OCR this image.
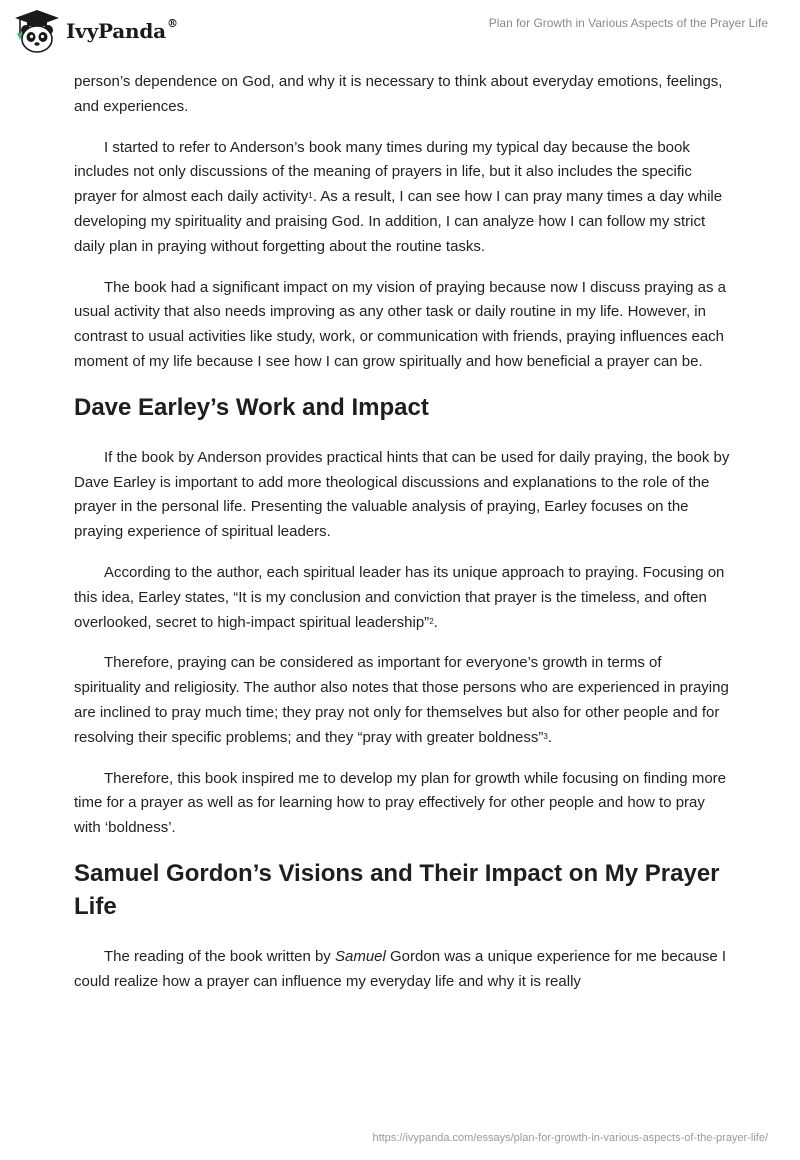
IvyPanda®	Plan for Growth in Various Aspects of the Prayer Life

person’s dependence on God, and why it is necessary to think about everyday emotions, feelings, and experiences.

I started to refer to Anderson’s book many times during my typical day because the book includes not only discussions of the meaning of prayers in life, but it also includes the specific prayer for almost each daily activity$^1$. As a result, I can see how I can pray many times a day while developing my spirituality and praising God. In addition, I can analyze how I can follow my strict daily plan in praying without forgetting about the routine tasks.

The book had a significant impact on my vision of praying because now I discuss praying as a usual activity that also needs improving as any other task or daily routine in my life. However, in contrast to usual activities like study, work, or communication with friends, praying influences each moment of my life because I see how I can grow spiritually and how beneficial a prayer can be.

Dave Earley’s Work and Impact

If the book by Anderson provides practical hints that can be used for daily praying, the book by Dave Earley is important to add more theological discussions and explanations to the role of the prayer in the personal life. Presenting the valuable analysis of praying, Earley focuses on the praying experience of spiritual leaders.

According to the author, each spiritual leader has its unique approach to praying. Focusing on this idea, Earley states, “It is my conclusion and conviction that prayer is the timeless, and often overlooked, secret to high-impact spiritual leadership”$^2$.

Therefore, praying can be considered as important for everyone’s growth in terms of spirituality and religiosity. The author also notes that those persons who are experienced in praying are inclined to pray much time; they pray not only for themselves but also for other people and for resolving their specific problems; and they “pray with greater boldness”$^3$.

Therefore, this book inspired me to develop my plan for growth while focusing on finding more time for a prayer as well as for learning how to pray effectively for other people and how to pray with ‘boldness’.

Samuel Gordon’s Visions and Their Impact on My Prayer Life

The reading of the book written by Samuel Gordon was a unique experience for me because I could realize how a prayer can influence my everyday life and why it is really

https://ivypanda.com/essays/plan-for-growth-in-various-aspects-of-the-prayer-life/
